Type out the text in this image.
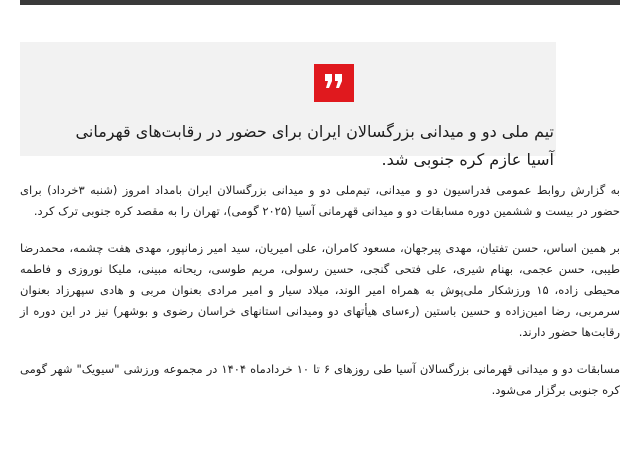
تیم ملی دو و میدانی بزرگسالان ایران برای حضور در رقابت‌های قهرمانی آسیا عازم کره جنوبی شد.

به گزارش روابط عمومی فدراسیون دو و میدانی، تیم‌ملی دو و میدانی بزرگسالان ایران بامداد امروز (شنبه ۳خرداد) برای حضور در بیست و ششمین دوره مسابقات دو و میدانی قهرمانی آسیا (۲۰۲۵ گومی)، تهران را به مقصد کره جنوبی ترک کرد.

بر همین اساس، حسن تفتیان، مهدی پیرجهان، مسعود کامران، علی امیریان، سید امیر زمانپور، مهدی هفت چشمه، محمدرضا طیبی، حسن عجمی، بهنام شیری، علی فتحی گنجی، حسین رسولی، مریم طوسی، ریحانه مبینی، ملیکا نوروزی و فاطمه محیطی زاده، ۱۵ ورزشکار ملی‌پوش به همراه امیر الوند، میلاد سیار و امیر مرادی بعنوان مربی و هادی سپهرزاد بعنوان سرمربی، رضا امین‌زاده و حسین باستین (رءسای هیأتهای دو ومیدانی استانهای خراسان رضوی و بوشهر) نیز در این دوره از رقابت‌ها حضور دارند.

مسابقات دو و میدانی قهرمانی بزرگسالان آسیا طی روزهای ۶ تا ۱۰ خردادماه ۱۴۰۴ در مجموعه ورزشی "سیویک" شهر گومی کره جنوبی برگزار می‌شود.
